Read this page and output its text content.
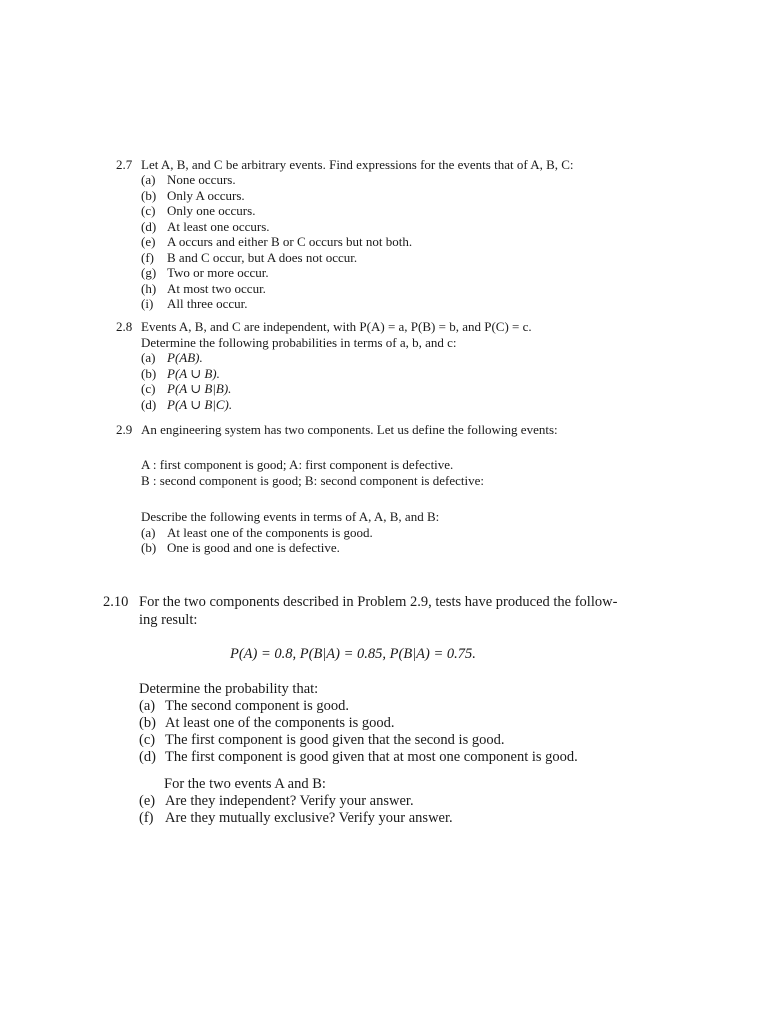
2.7 Let A, B, and C be arbitrary events. Find expressions for the events that of A, B, C:
(a) None occurs.
(b) Only A occurs.
(c) Only one occurs.
(d) At least one occurs.
(e) A occurs and either B or C occurs but not both.
(f) B and C occur, but A does not occur.
(g) Two or more occur.
(h) At most two occur.
(i) All three occur.
2.8 Events A, B, and C are independent, with P(A) = a, P(B) = b, and P(C) = c.
Determine the following probabilities in terms of a, b, and c:
(a) P(AB).
(b) P(A ∪ B).
(c) P(A ∪ B|B).
(d) P(A ∪ B|C).
2.9 An engineering system has two components. Let us define the following events:
A : first component is good; A: first component is defective.
B : second component is good; B: second component is defective:
Describe the following events in terms of A, A, B, and B:
(a) At least one of the components is good.
(b) One is good and one is defective.
2.10 For the two components described in Problem 2.9, tests have produced the follow-
ing result:
P(A) = 0.8, P(B|A) = 0.85, P(B|A) = 0.75.
Determine the probability that:
(a) The second component is good.
(b) At least one of the components is good.
(c) The first component is good given that the second is good.
(d) The first component is good given that at most one component is good.
For the two events A and B:
(e) Are they independent? Verify your answer.
(f) Are they mutually exclusive? Verify your answer.
